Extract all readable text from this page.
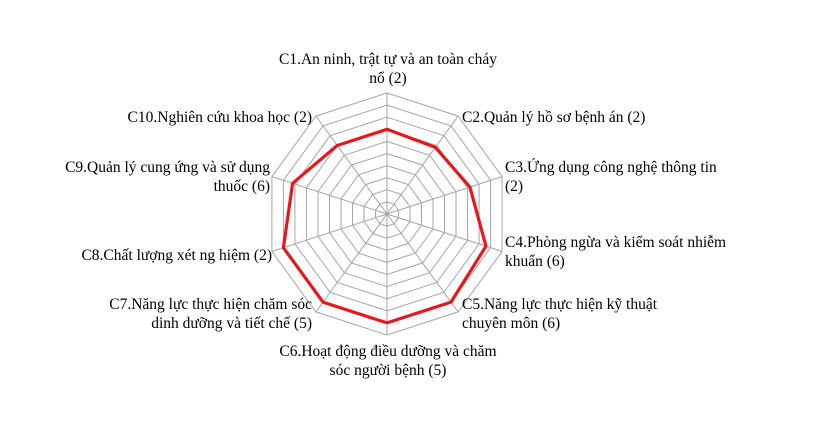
C1.An ninh, trật tự và an toàn cháy nổ (2)
C2.Quản lý hồ sơ bệnh án (2)
C3.Ứng dụng công nghệ thông tin (2)
C4.Phòng ngừa và kiểm soát nhiễm khuẩn (6)
C5.Năng lực thực hiện kỹ thuật chuyên môn (6)
C6.Hoạt động điều dưỡng và chăm sóc người bệnh (5)
C7.Năng lực thực hiện chăm sóc dinh dưỡng và tiết chế (5)
C8.Chất lượng xét ng hiệm (2)
C9.Quản lý cung ứng và sử dụng thuốc (6)
C10.Nghiên cứu khoa học (2)
